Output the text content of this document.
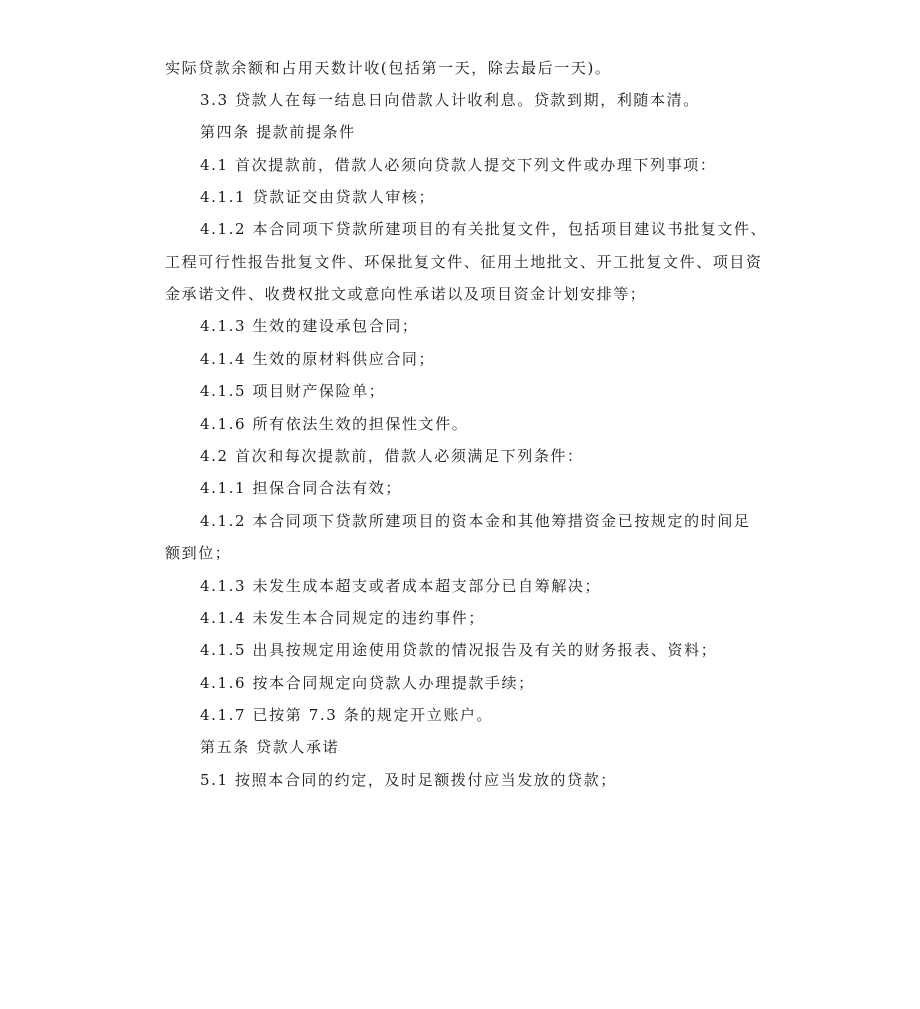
实际贷款余额和占用天数计收(包括第一天，除去最后一天)。
3.3 贷款人在每一结息日向借款人计收利息。贷款到期，利随本清。
第四条 提款前提条件
4.1 首次提款前，借款人必须向贷款人提交下列文件或办理下列事项：
4.1.1 贷款证交由贷款人审核；
4.1.2 本合同项下贷款所建项目的有关批复文件，包括项目建议书批复文件、
工程可行性报告批复文件、环保批复文件、征用土地批文、开工批复文件、项目资
金承诺文件、收费权批文或意向性承诺以及项目资金计划安排等；
4.1.3 生效的建设承包合同；
4.1.4 生效的原材料供应合同；
4.1.5 项目财产保险单；
4.1.6 所有依法生效的担保性文件。
4.2 首次和每次提款前，借款人必须满足下列条件：
4.1.1 担保合同合法有效；
4.1.2 本合同项下贷款所建项目的资本金和其他筹措资金已按规定的时间足
额到位；
4.1.3 未发生成本超支或者成本超支部分已自筹解决；
4.1.4 未发生本合同规定的违约事件；
4.1.5 出具按规定用途使用贷款的情况报告及有关的财务报表、资料；
4.1.6 按本合同规定向贷款人办理提款手续；
4.1.7 已按第 7.3 条的规定开立账户。
第五条 贷款人承诺
5.1 按照本合同的约定，及时足额拨付应当发放的贷款；
